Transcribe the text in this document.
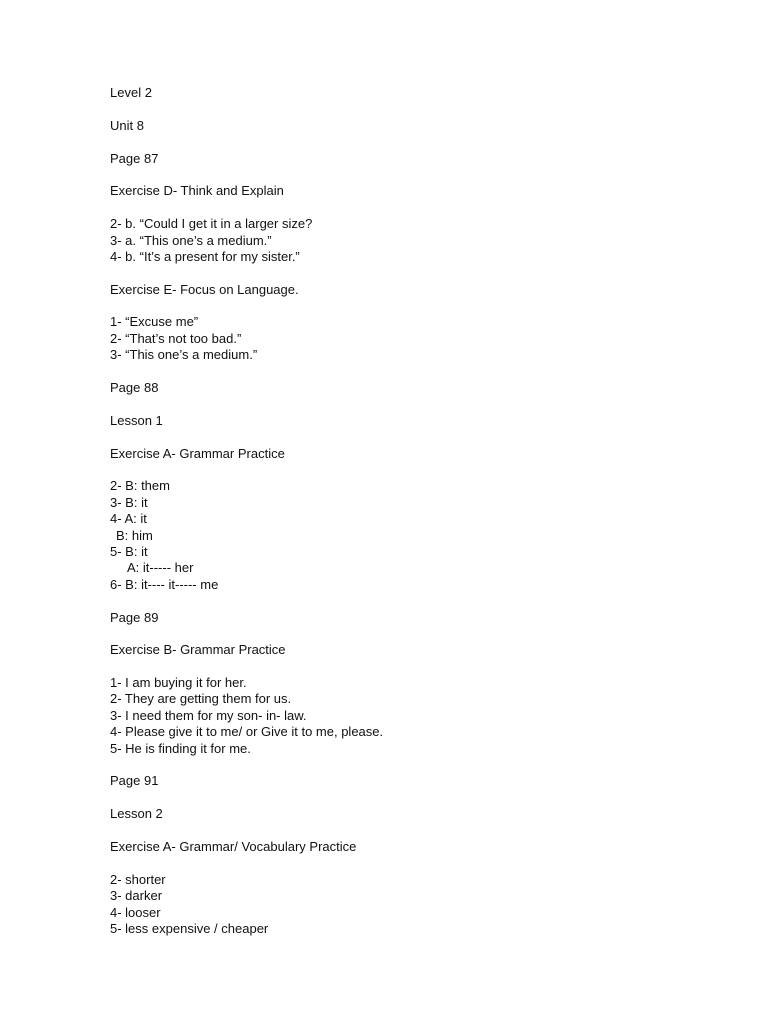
Level 2
Unit 8
Page 87
Exercise D- Think and Explain
2- b. “Could I get it in a larger size?
3- a. “This one’s a medium.”
4- b. “It’s a present for my sister.”
Exercise E- Focus on Language.
1- “Excuse me”
2- “That’s not too bad.”
3- “This one’s a medium.”
Page 88
Lesson 1
Exercise A- Grammar Practice
2- B: them
3- B: it
4- A: it
B: him
5- B: it
A: it----- her
6- B: it---- it----- me
Page 89
Exercise B- Grammar Practice
1- I am buying it for her.
2- They are getting them for us.
3- I need them for my son- in- law.
4- Please give it to me/ or Give it to me, please.
5- He is finding it for me.
Page 91
Lesson 2
Exercise A- Grammar/ Vocabulary Practice
2- shorter
3- darker
4- looser
5- less expensive / cheaper
